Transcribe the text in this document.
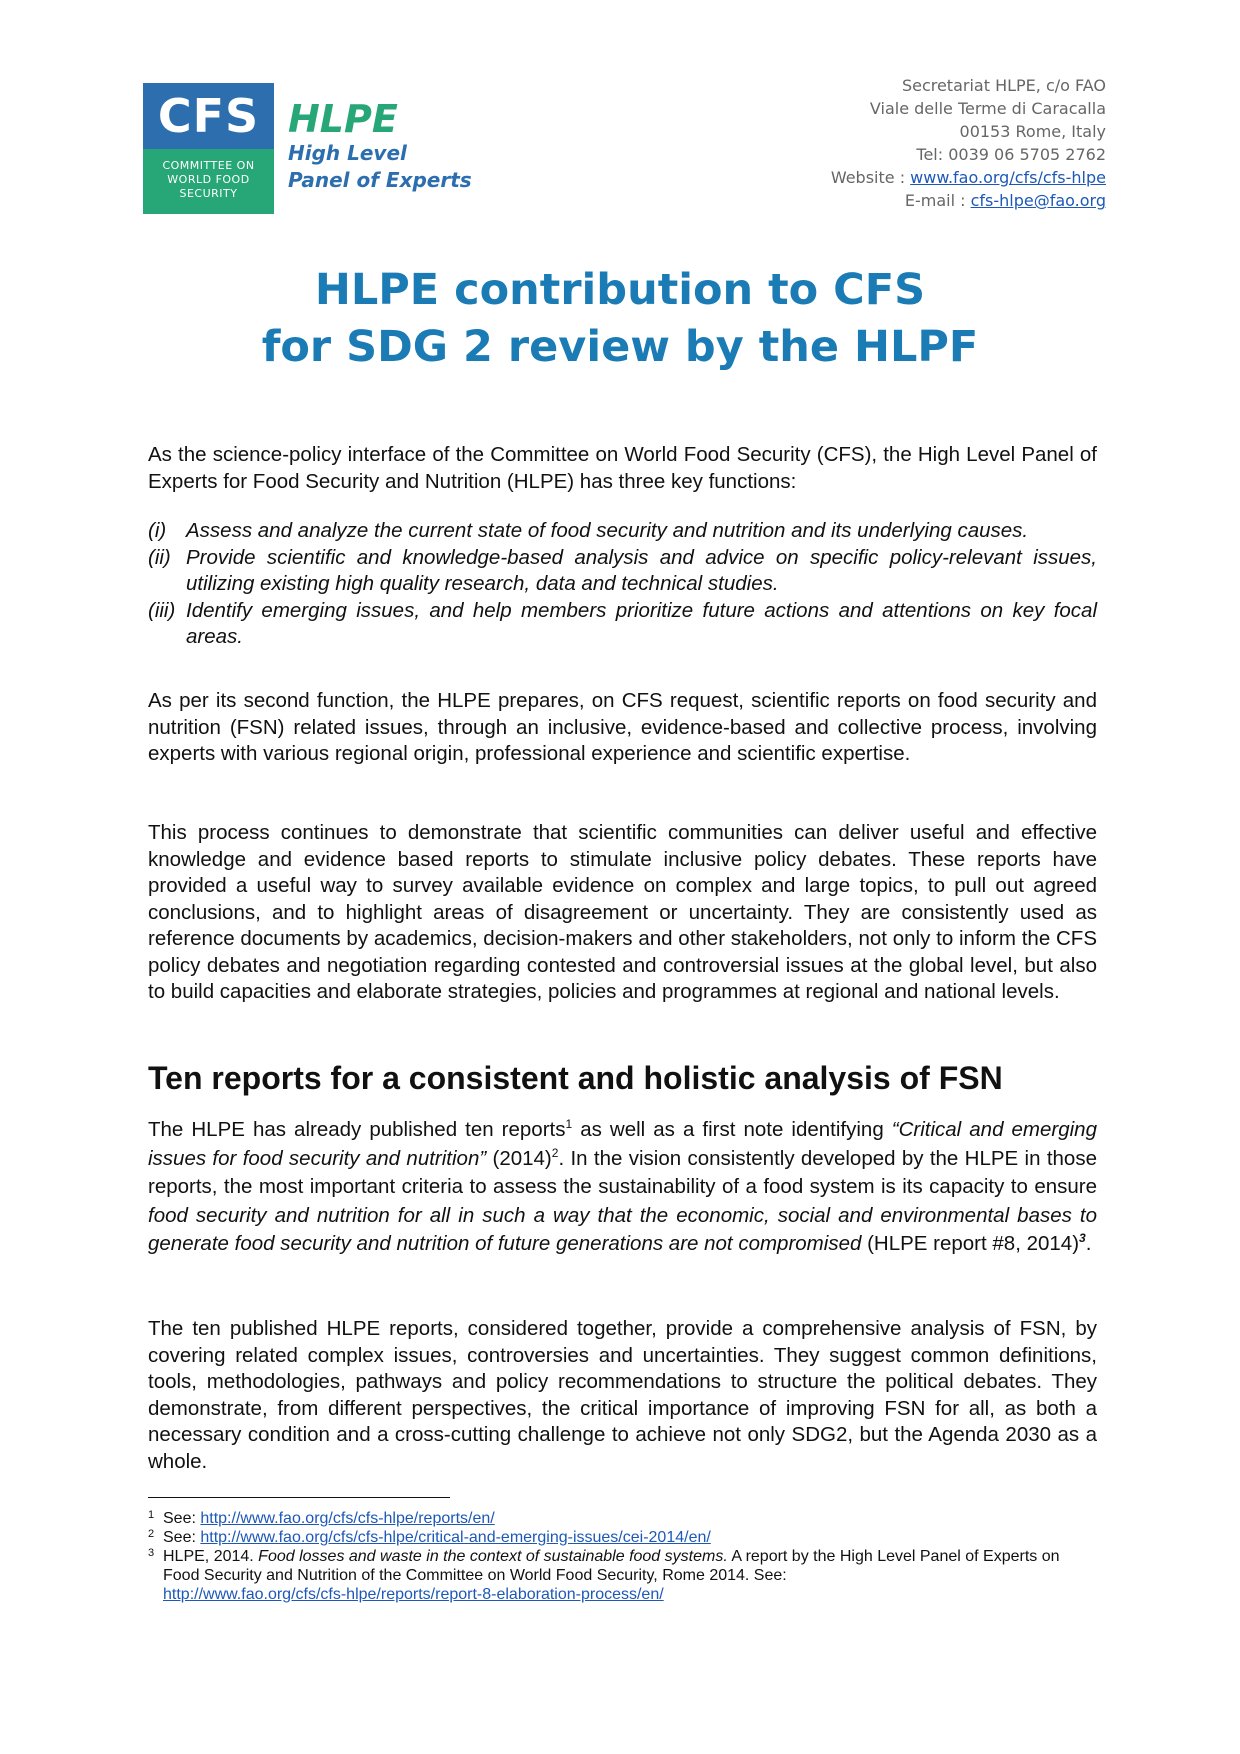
CFS
COMMITTEE ON
WORLD FOOD
SECURITY
HLPE
High Level
Panel of Experts
Secretariat HLPE, c/o FAO
Viale delle Terme di Caracalla
00153 Rome, Italy
Tel: 0039 06 5705 2762
Website : www.fao.org/cfs/cfs-hlpe
E-mail : cfs-hlpe@fao.org
HLPE contribution to CFS
for SDG 2 review by the HLPF

As the science-policy interface of the Committee on World Food Security (CFS), the High Level Panel of Experts for Food Security and Nutrition (HLPE) has three key functions:

(i) Assess and analyze the current state of food security and nutrition and its underlying causes.
(ii) Provide scientific and knowledge-based analysis and advice on specific policy-relevant issues, utilizing existing high quality research, data and technical studies.
(iii) Identify emerging issues, and help members prioritize future actions and attentions on key focal areas.

As per its second function, the HLPE prepares, on CFS request, scientific reports on food security and nutrition (FSN) related issues, through an inclusive, evidence-based and collective process, involving experts with various regional origin, professional experience and scientific expertise.

This process continues to demonstrate that scientific communities can deliver useful and effective knowledge and evidence based reports to stimulate inclusive policy debates. These reports have provided a useful way to survey available evidence on complex and large topics, to pull out agreed conclusions, and to highlight areas of disagreement or uncertainty. They are consistently used as reference documents by academics, decision-makers and other stakeholders, not only to inform the CFS policy debates and negotiation regarding contested and controversial issues at the global level, but also to build capacities and elaborate strategies, policies and programmes at regional and national levels.

Ten reports for a consistent and holistic analysis of FSN

The HLPE has already published ten reports$^1$ as well as a first note identifying “Critical and emerging issues for food security and nutrition” $(2014)^2$. In the vision consistently developed by the HLPE in those reports, the most important criteria to assess the sustainability of a food system is its capacity to ensure food security and nutrition for all in such a way that the economic, social and environmental bases to generate food security and nutrition of future generations are not compromised (HLPE report #8, 2014)$^3$.

The ten published HLPE reports, considered together, provide a comprehensive analysis of FSN, by covering related complex issues, controversies and uncertainties. They suggest common definitions, tools, methodologies, pathways and policy recommendations to structure the political debates. They demonstrate, from different perspectives, the critical importance of improving FSN for all, as both a necessary condition and a cross-cutting challenge to achieve not only SDG2, but the Agenda 2030 as a whole.

1 See: http://www.fao.org/cfs/cfs-hlpe/reports/en/
2 See: http://www.fao.org/cfs/cfs-hlpe/critical-and-emerging-issues/cei-2014/en/
3 HLPE, 2014. Food losses and waste in the context of sustainable food systems. A report by the High Level Panel of Experts on Food Security and Nutrition of the Committee on World Food Security, Rome 2014. See:
http://www.fao.org/cfs/cfs-hlpe/reports/report-8-elaboration-process/en/
